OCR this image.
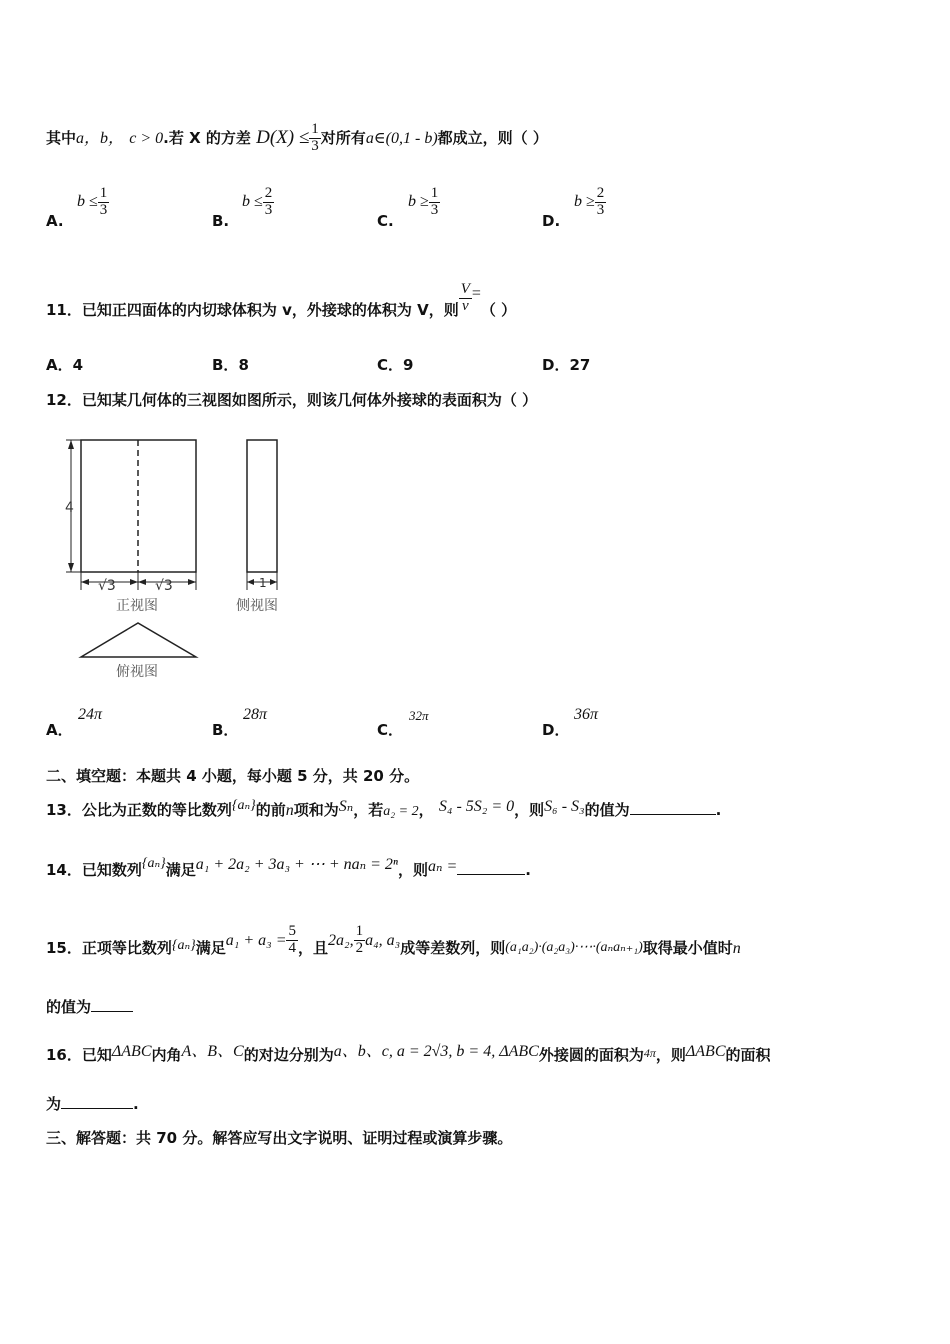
其中a，b， c > 0.若 X 的方差 $D(X) \le \frac{1}{3}$ 对所有a∈(0,1 - b)都成立，则（ ）
A.
$b \le \frac{1}{3}$
B.
$b \le \frac{2}{3}$
C.
$b \ge \frac{1}{3}$
D.
$b \ge \frac{2}{3}$
11．已知正四面体的内切球体积为 v，外接球的体积为 V，则 $\frac{V}{v}$ =（ ）
A．4	B．8	C．9	D．27
12．已知某几何体的三视图如图所示，则该几何体外接球的表面积为（ ）
4
√3	√3
正视图
1
侧视图
俯视图
A．
24π
B．
28π
C．
32π
D．
36π
二、填空题：本题共 4 小题，每小题 5 分，共 20 分。
13．公比为正数的等比数列{aₙ}的前n项和为Sₙ，若a₂ = 2， S₄ - 5S₂ = 0，则S₆ - S₃的值为	.
14．已知数列{aₙ}满足a₁ + 2a₂ + 3a₃ + ⋯ + naₙ = 2ⁿ，则aₙ =	.
15．正项等比数列{aₙ}满足$a_1 + a_3 = \frac{5}{4}$ ，且2a₂, $\frac{1}{2} a_4$, a₃成等差数列，则(a₁a₂)·(a₂a₃)·⋯·(aₙaₙ₊₁)取得最小值时n
的值为
16．已知ΔABC内角A、B、C的对边分别为a、b、c, a = 2√3, b = 4, ΔABC外接圆的面积为$^{4\pi}$，则ΔABC的面积
为	.
三、解答题：共 70 分。解答应写出文字说明、证明过程或演算步骤。
